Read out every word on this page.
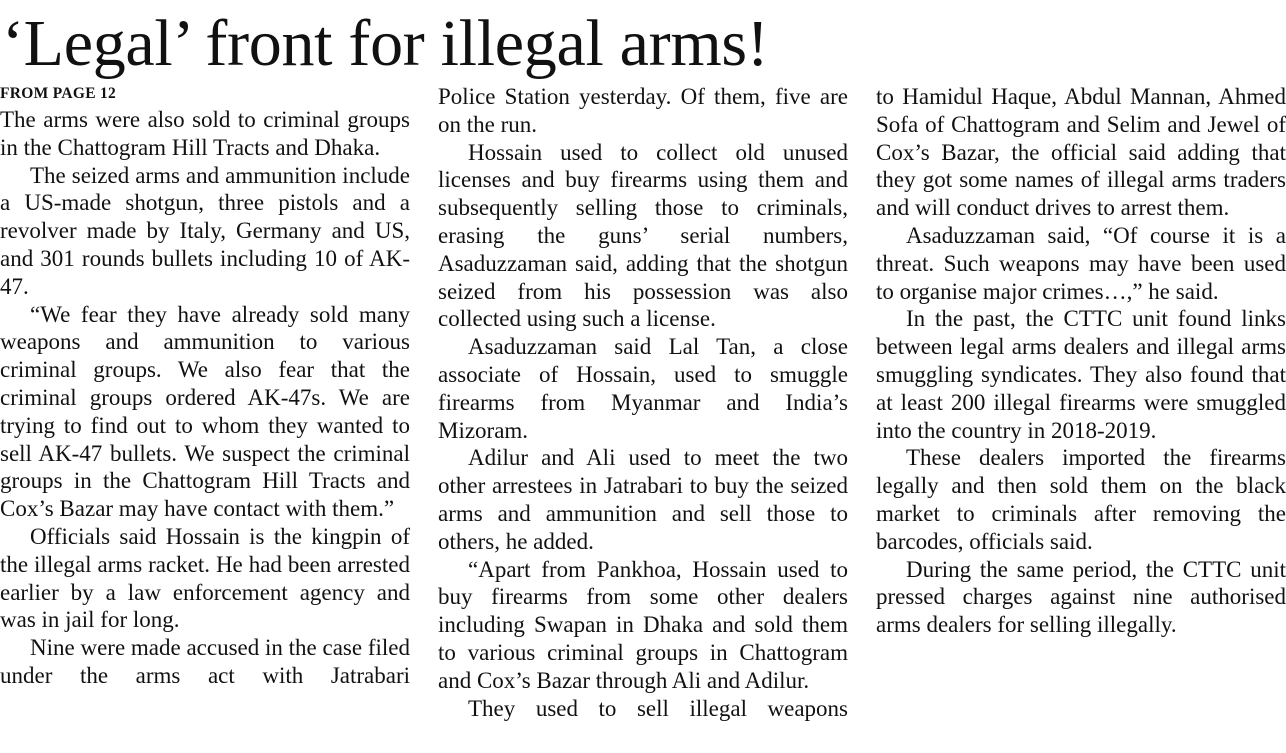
‘Legal’ front for illegal arms!
FROM PAGE 12

The arms were also sold to criminal groups in the Chattogram Hill Tracts and Dhaka.

The seized arms and ammunition include a US-made shotgun, three pistols and a revolver made by Italy, Germany and US, and 301 rounds bullets including 10 of AK-47.

“We fear they have already sold many weapons and ammunition to various criminal groups. We also fear that the criminal groups ordered AK-47s. We are trying to find out to whom they wanted to sell AK-47 bullets. We suspect the criminal groups in the Chattogram Hill Tracts and Cox’s Bazar may have contact with them.”

Officials said Hossain is the kingpin of the illegal arms racket. He had been arrested earlier by a law enforcement agency and was in jail for long.

Nine were made accused in the case filed under the arms act with Jatrabari

Police Station yesterday. Of them, five are on the run.

Hossain used to collect old unused licenses and buy firearms using them and subsequently selling those to criminals, erasing the guns’ serial numbers, Asaduzzaman said, adding that the shotgun seized from his possession was also collected using such a license.

Asaduzzaman said Lal Tan, a close associate of Hossain, used to smuggle firearms from Myanmar and India’s Mizoram.

Adilur and Ali used to meet the two other arrestees in Jatrabari to buy the seized arms and ammunition and sell those to others, he added.

“Apart from Pankhoa, Hossain used to buy firearms from some other dealers including Swapan in Dhaka and sold them to various criminal groups in Chattogram and Cox’s Bazar through Ali and Adilur.

They used to sell illegal weapons

to Hamidul Haque, Abdul Mannan, Ahmed Sofa of Chattogram and Selim and Jewel of Cox’s Bazar, the official said adding that they got some names of illegal arms traders and will conduct drives to arrest them.

Asaduzzaman said, “Of course it is a threat. Such weapons may have been used to organise major crimes…,” he said.

In the past, the CTTC unit found links between legal arms dealers and illegal arms smuggling syndicates. They also found that at least 200 illegal firearms were smuggled into the country in 2018-2019.

These dealers imported the firearms legally and then sold them on the black market to criminals after removing the barcodes, officials said.

During the same period, the CTTC unit pressed charges against nine authorised arms dealers for selling illegally.
